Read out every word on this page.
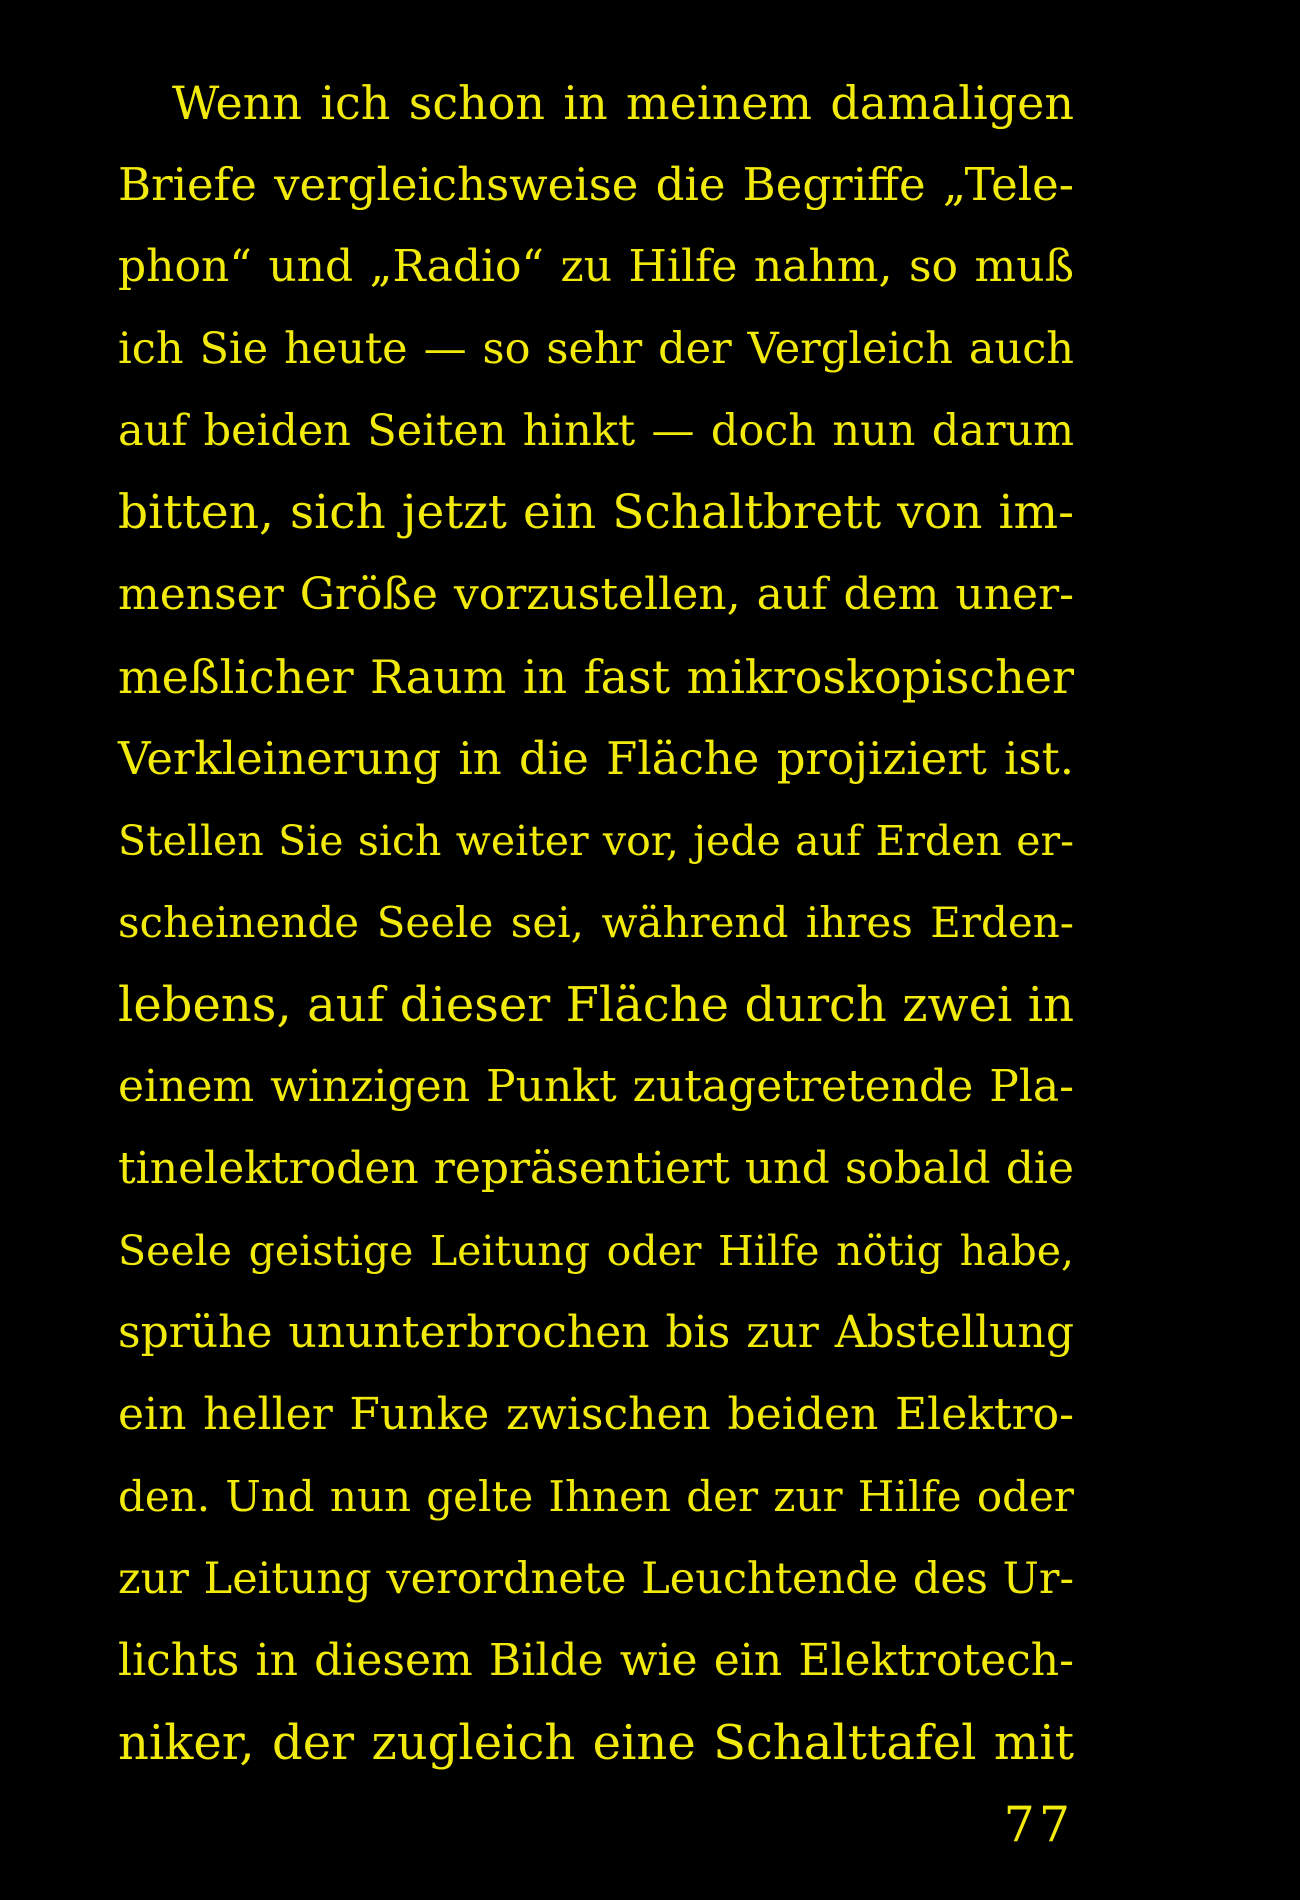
Wenn ich schon in meinem damaligen
Briefe vergleichsweise die Begriffe „Tele-
phon“ und „Radio“ zu Hilfe nahm, so muß
ich Sie heute — so sehr der Vergleich auch
auf beiden Seiten hinkt — doch nun darum
bitten, sich jetzt ein Schaltbrett von im-
menser Größe vorzustellen, auf dem uner-
meßlicher Raum in fast mikroskopischer
Verkleinerung in die Fläche projiziert ist.
Stellen Sie sich weiter vor, jede auf Erden er-
scheinende Seele sei, während ihres Erden-
lebens, auf dieser Fläche durch zwei in
einem winzigen Punkt zutagetretende Pla-
tinelektroden repräsentiert und sobald die
Seele geistige Leitung oder Hilfe nötig habe,
sprühe ununterbrochen bis zur Abstellung
ein heller Funke zwischen beiden Elektro-
den. Und nun gelte Ihnen der zur Hilfe oder
zur Leitung verordnete Leuchtende des Ur-
lichts in diesem Bilde wie ein Elektrotech-
niker, der zugleich eine Schalttafel mit
77
